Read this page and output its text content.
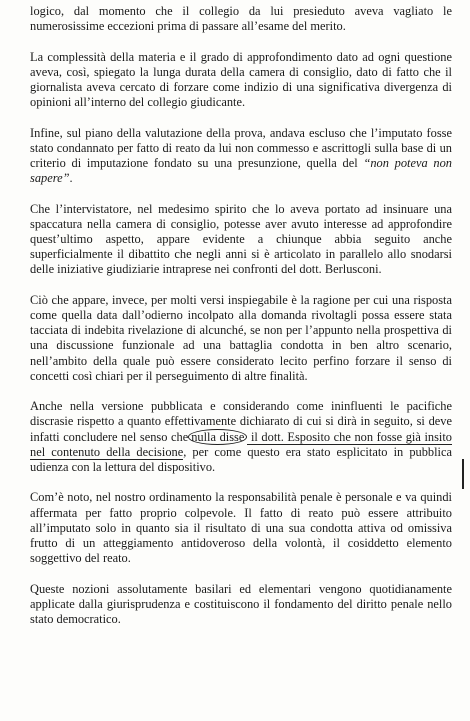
logico, dal momento che il collegio da lui presieduto aveva vagliato le numerosissime eccezioni prima di passare all’esame del merito.

La complessità della materia e il grado di approfondimento dato ad ogni questione aveva, così, spiegato la lunga durata della camera di consiglio, dato di fatto che il giornalista aveva cercato di forzare come indizio di una significativa divergenza di opinioni all’interno del collegio giudicante.

Infine, sul piano della valutazione della prova, andava escluso che l’imputato fosse stato condannato per fatto di reato da lui non commesso e ascrittogli sulla base di un criterio di imputazione fondato su una presunzione, quella del “non poteva non sapere”.

Che l’intervistatore, nel medesimo spirito che lo aveva portato ad insinuare una spaccatura nella camera di consiglio, potesse aver avuto interesse ad approfondire quest’ultimo aspetto, appare evidente a chiunque abbia seguito anche superficialmente il dibattito che negli anni si è articolato in parallelo allo snodarsi delle iniziative giudiziarie intraprese nei confronti del dott. Berlusconi.

Ciò che appare, invece, per molti versi inspiegabile è la ragione per cui una risposta come quella data dall’odierno incolpato alla domanda rivoltagli possa essere stata tacciata di indebita rivelazione di alcunché, se non per l’appunto nella prospettiva di una discussione funzionale ad una battaglia condotta in ben altro scenario, nell’ambito della quale può essere considerato lecito perfino forzare il senso di concetti così chiari per il perseguimento di altre finalità.

Anche nella versione pubblicata e considerando come ininfluenti le pacifiche discrasie rispetto a quanto effettivamente dichiarato di cui si dirà in seguito, si deve infatti concludere nel senso che nulla disse il dott. Esposito che non fosse già insito nel contenuto della decisione, per come questo era stato esplicitato in pubblica udienza con la lettura del dispositivo.

Com’è noto, nel nostro ordinamento la responsabilità penale è personale e va quindi affermata per fatto proprio colpevole. Il fatto di reato può essere attribuito all’imputato solo in quanto sia il risultato di una sua condotta attiva od omissiva frutto di un atteggiamento antidoveroso della volontà, il cosiddetto elemento soggettivo del reato.

Queste nozioni assolutamente basilari ed elementari vengono quotidianamente applicate dalla giurisprudenza e costituiscono il fondamento del diritto penale nello stato democratico.
